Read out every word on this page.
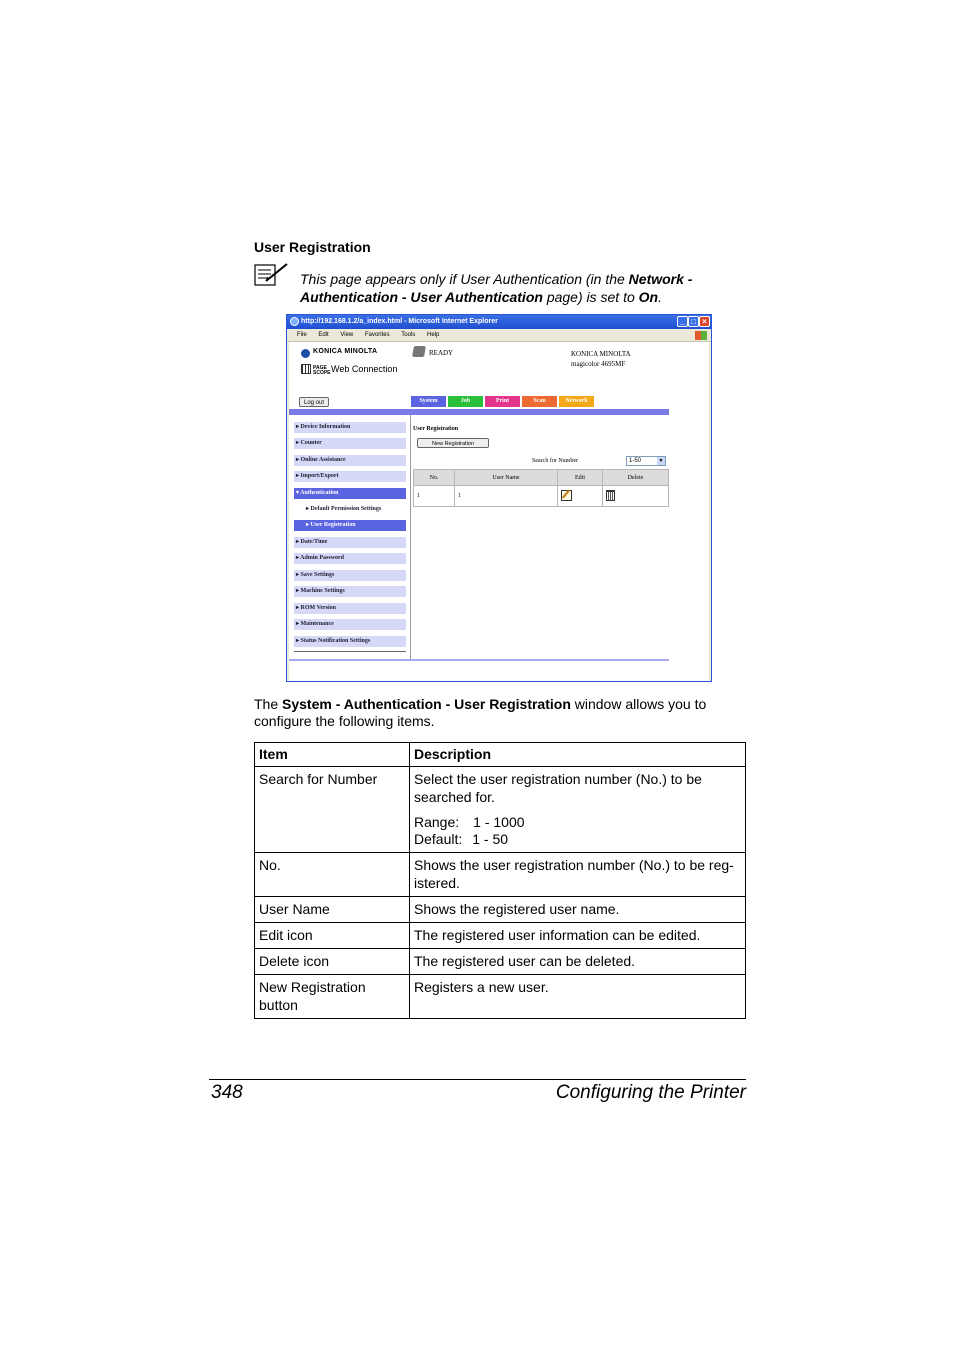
User Registration
This page appears only if User Authentication (in the Network - Authentication - User Authentication page) is set to On.
http://192.168.1.2/a_index.html - Microsoft Internet Explorer	_ □ ×
File Edit View Favorites Tools Help
KONICA MINOLTA
PAGE SCOPE Web Connection
READY	KONICA MINOLTA
magicolor 4695MF
Log out	System	Job	Print	Scan	Network
▸ Device Information
▸ Counter
▸ Online Assistance
▸ Import/Export
▾ Authentication
▸ Default Permission Settings
▸ User Registration
▸ Date/Time
▸ Admin Password
▸ Save Settings
▸ Machine Settings
▸ ROM Version
▸ Maintenance
▸ Status Notification Settings
User Registration
New Registration
Search for Number	1-50	▼
No.	User Name	Edit	Delete
1	1		
The System - Authentication - User Registration window allows you to configure the following items.
Item	Description
Search for Number	Select the user registration number (No.) to be searched for.
Range: 1 - 1000
Default: 1 - 50

No.	Shows the user registration number (No.) to be reg-istered.
User Name	Shows the registered user name.
Edit icon	The registered user information can be edited.
Delete icon	The registered user can be deleted.
New Registration button	Registers a new user.
348	Configuring the Printer
